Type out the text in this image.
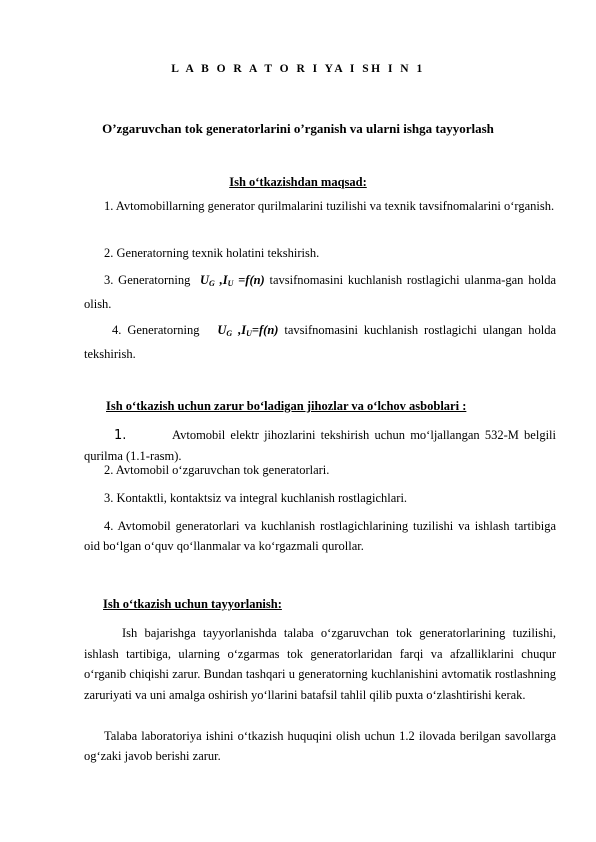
L A B O R A T O R I YA I SH I N 1
O’zgaruvchan tok generatorlarini o’rganish va ularni ishga tayyorlash
Ish o‘tkazishdan maqsad:
1. Avtomobillarning generator qurilmalarini tuzilishi va texnik tavsifnomalarini o‘rganish.
2. Generatorning texnik holatini tekshirish.
3. Generatorning $U_G$ $,I_U =f(n)$ tavsifnomasini kuchlanish rostlagichi ulanma-gan holda olish.
4. Generatorning $U_G$ $,I_U=f(n)$ tavsifnomasini kuchlanish rostlagichi ulangan holda tekshirish.
Ish o‘tkazish uchun zarur bo‘ladigan jihozlar va o‘lchov asboblari :
1.	Avtomobil elektr jihozlarini tekshirish uchun mo‘ljallangan 532-M belgili qurilma (1.1-rasm).
2. Avtomobil o‘zgaruvchan tok generatorlari.
3. Kontaktli, kontaktsiz va integral kuchlanish rostlagichlari.
4. Avtomobil generatorlari va kuchlanish rostlagichlarining tuzilishi va ishlash tartibiga oid bo‘lgan o‘quv qo‘llanmalar va ko‘rgazmali qurollar.
Ish o‘tkazish uchun tayyorlanish:
Ish bajarishga tayyorlanishda talaba o‘zgaruvchan tok generatorlarining tuzilishi, ishlash tartibiga, ularning o‘zgarmas tok generatorlaridan farqi va afzalliklarini chuqur o‘rganib chiqishi zarur. Bundan tashqari u generatorning kuchlanishini avtomatik rostlashning zaruriyati va uni amalga oshirish yo‘llarini batafsil tahlil qilib puxta o‘zlashtirishi kerak.
Talaba laboratoriya ishini o‘tkazish huquqini olish uchun 1.2 ilovada berilgan savollarga og‘zaki javob berishi zarur.
